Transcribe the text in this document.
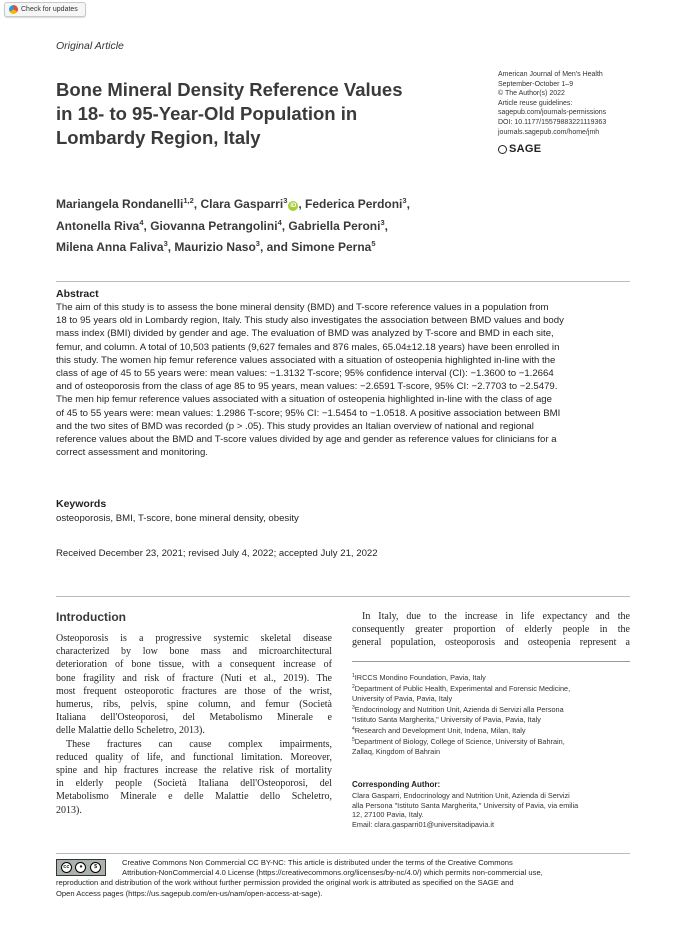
Check for updates
Original Article
Bone Mineral Density Reference Values
in 18- to 95-Year-Old Population in
Lombardy Region, Italy
American Journal of Men's Health
September-October 1–9
© The Author(s) 2022
Article reuse guidelines:
sagepub.com/journals-permissions
DOI: 10.1177/15579883221119363
journals.sagepub.com/home/jmh
SAGE
Mariangela Rondanelli$^{1,2}$, Clara Gasparri$^3$iD , Federica Perdoni$^3$,
Antonella Riva$^4$, Giovanna Petrangolini$^4$, Gabriella Peroni$^3$,
Milena Anna Faliva$^3$, Maurizio Naso$^3$, and Simone Perna$^5$
Abstract
The aim of this study is to assess the bone mineral density (BMD) and T-score reference values in a population from
18 to 95 years old in Lombardy region, Italy. This study also investigates the association between BMD values and body
mass index (BMI) divided by gender and age. The evaluation of BMD was analyzed by T-score and BMD in each site,
femur, and column. A total of 10,503 patients (9,627 females and 876 males, 65.04±12.18 years) have been enrolled in
this study. The women hip femur reference values associated with a situation of osteopenia highlighted in-line with the
class of age of 45 to 55 years were: mean values: −1.3132 T-score; 95% confidence interval (CI): −1.3600 to −1.2664
and of osteoporosis from the class of age 85 to 95 years, mean values: −2.6591 T-score, 95% CI: −2.7703 to −2.5479.
The men hip femur reference values associated with a situation of osteopenia highlighted in-line with the class of age
of 45 to 55 years were: mean values: 1.2986 T-score; 95% CI: −1.5454 to −1.0518. A positive association between BMI
and the two sites of BMD was recorded (p > .05). This study provides an Italian overview of national and regional
reference values about the BMD and T-score values divided by age and gender as reference values for clinicians for a
correct assessment and monitoring.
Keywords
osteoporosis, BMI, T-score, bone mineral density, obesity
Received December 23, 2021; revised July 4, 2022; accepted July 21, 2022
Introduction
Osteoporosis is a progressive systemic skeletal disease
characterized by low bone mass and microarchitectural
deterioration of bone tissue, with a consequent increase of
bone fragility and risk of fracture (Nuti et al., 2019). The
most frequent osteoporotic fractures are those of the wrist,
humerus, ribs, pelvis, spine column, and femur (Società
Italiana dell'Osteoporosi, del Metabolismo Minerale e
delle Malattie dello Scheletro, 2013).
These fractures can cause complex impairments,
reduced quality of life, and functional limitation. Moreover,
spine and hip fractures increase the relative risk of mortality
in elderly people (Società Italiana dell'Osteoporosi, del
Metabolismo Minerale e delle Malattie dello Scheletro,
2013).
In Italy, due to the increase in life expectancy and the
consequently greater proportion of elderly people in the
general population, osteoporosis and osteopenia represent a
$^1$IRCCS Mondino Foundation, Pavia, Italy
$^2$Department of Public Health, Experimental and Forensic Medicine,
University of Pavia, Pavia, Italy
$^3$Endocrinology and Nutrition Unit, Azienda di Servizi alla Persona
"Istituto Santa Margherita," University of Pavia, Pavia, Italy
$^4$Research and Development Unit, Indena, Milan, Italy
$^5$Department of Biology, College of Science, University of Bahrain,
Zallaq, Kingdom of Bahrain
Corresponding Author:
Clara Gasparri, Endocrinology and Nutrition Unit, Azienda di Servizi
alla Persona "Istituto Santa Margherita," University of Pavia, via emilia
12, 27100 Pavia, Italy.
Email: clara.gasparri01@universitadipavia.it
Creative Commons Non Commercial CC BY-NC: This article is distributed under the terms of the Creative Commons
Attribution-NonCommercial 4.0 License (https://creativecommons.org/licenses/by-nc/4.0/) which permits non-commercial use,
reproduction and distribution of the work without further permission provided the original work is attributed as specified on the SAGE and
Open Access pages (https://us.sagepub.com/en-us/nam/open-access-at-sage).
cc	●	$
